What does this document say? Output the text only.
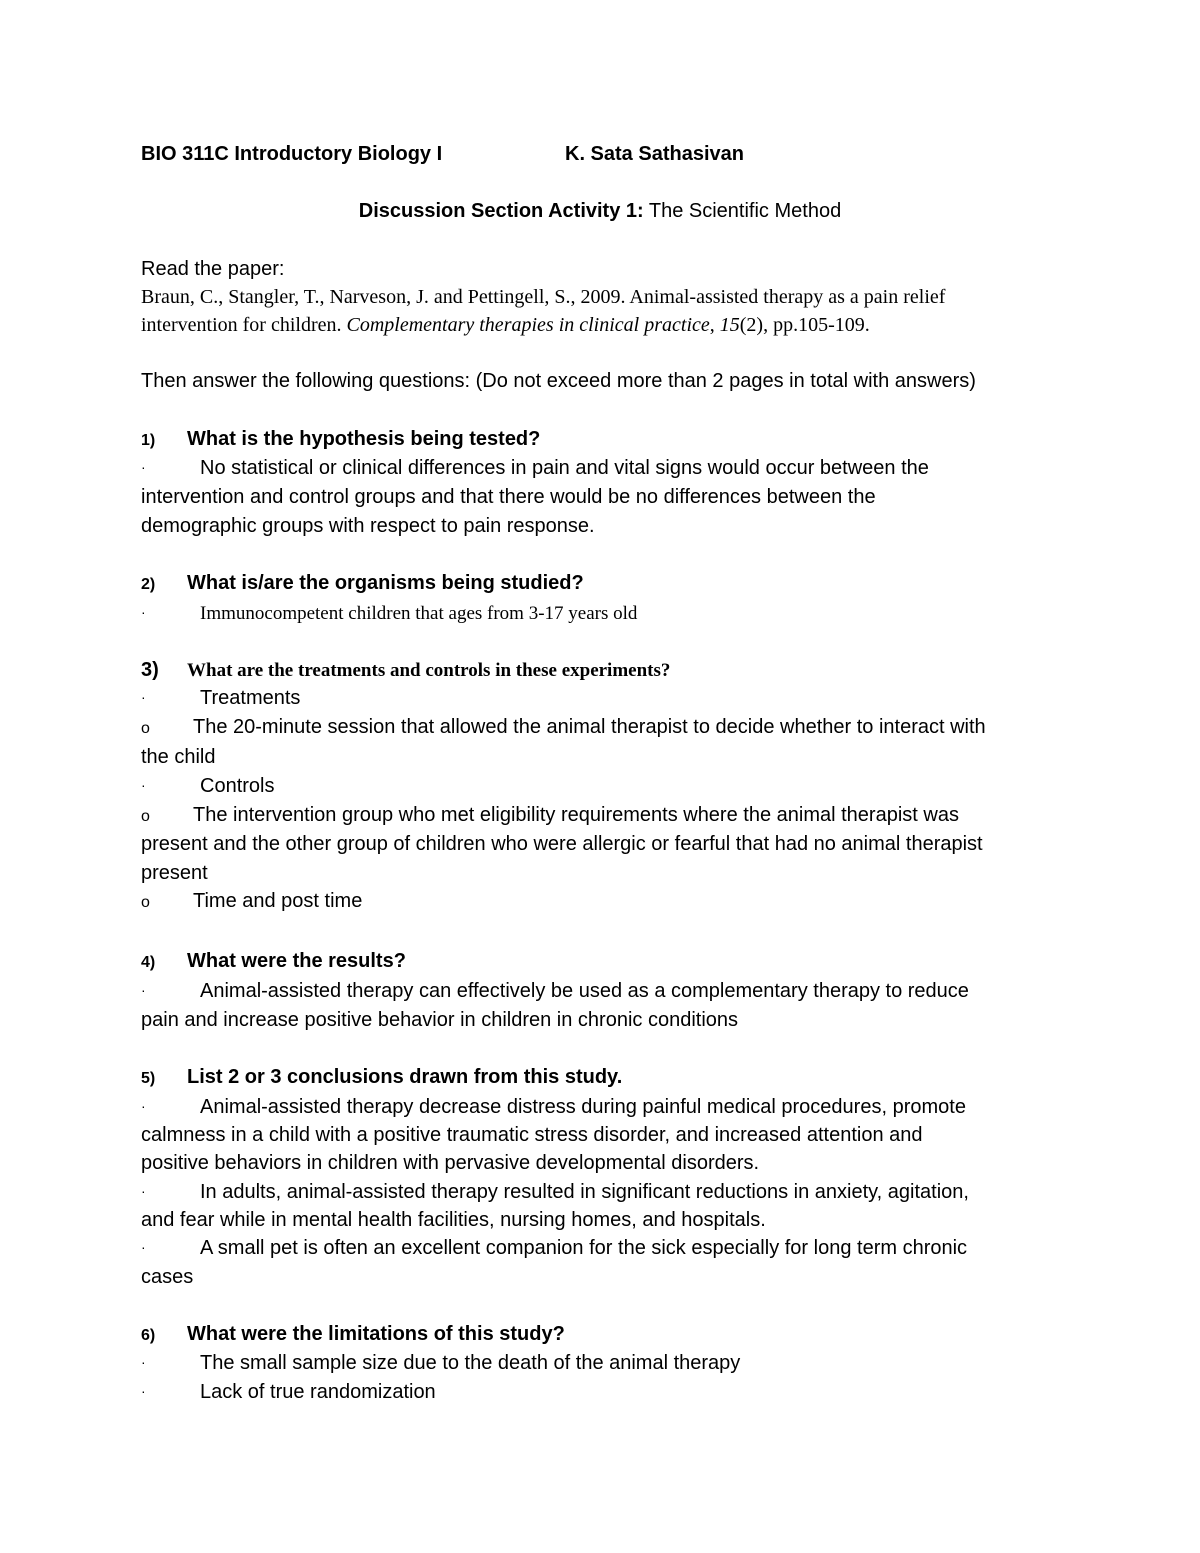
BIO 311C Introductory Biology I	K. Sata Sathasivan
Discussion Section Activity 1: The Scientific Method
Read the paper:
Braun, C., Stangler, T., Narveson, J. and Pettingell, S., 2009. Animal-assisted therapy as a pain relief
intervention for children. Complementary therapies in clinical practice, 15(2), pp.105-109.
Then answer the following questions: (Do not exceed more than 2 pages in total with answers)
1) What is the hypothesis being tested?
·	No statistical or clinical differences in pain and vital signs would occur between the
intervention and control groups and that there would be no differences between the
demographic groups with respect to pain response.
2) What is/are the organisms being studied?
·	Immunocompetent children that ages from 3-17 years old
3) What are the treatments and controls in these experiments?
·	Treatments
o The 20-minute session that allowed the animal therapist to decide whether to interact with
the child
·	Controls
o The intervention group who met eligibility requirements where the animal therapist was
present and the other group of children who were allergic or fearful that had no animal therapist
present
o Time and post time
4) What were the results?
·	Animal-assisted therapy can effectively be used as a complementary therapy to reduce
pain and increase positive behavior in children in chronic conditions
5) List 2 or 3 conclusions drawn from this study.
·	Animal-assisted therapy decrease distress during painful medical procedures, promote
calmness in a child with a positive traumatic stress disorder, and increased attention and
positive behaviors in children with pervasive developmental disorders.
·	In adults, animal-assisted therapy resulted in significant reductions in anxiety, agitation,
and fear while in mental health facilities, nursing homes, and hospitals.
·	A small pet is often an excellent companion for the sick especially for long term chronic
cases
6) What were the limitations of this study?
·	The small sample size due to the death of the animal therapy
·	Lack of true randomization
